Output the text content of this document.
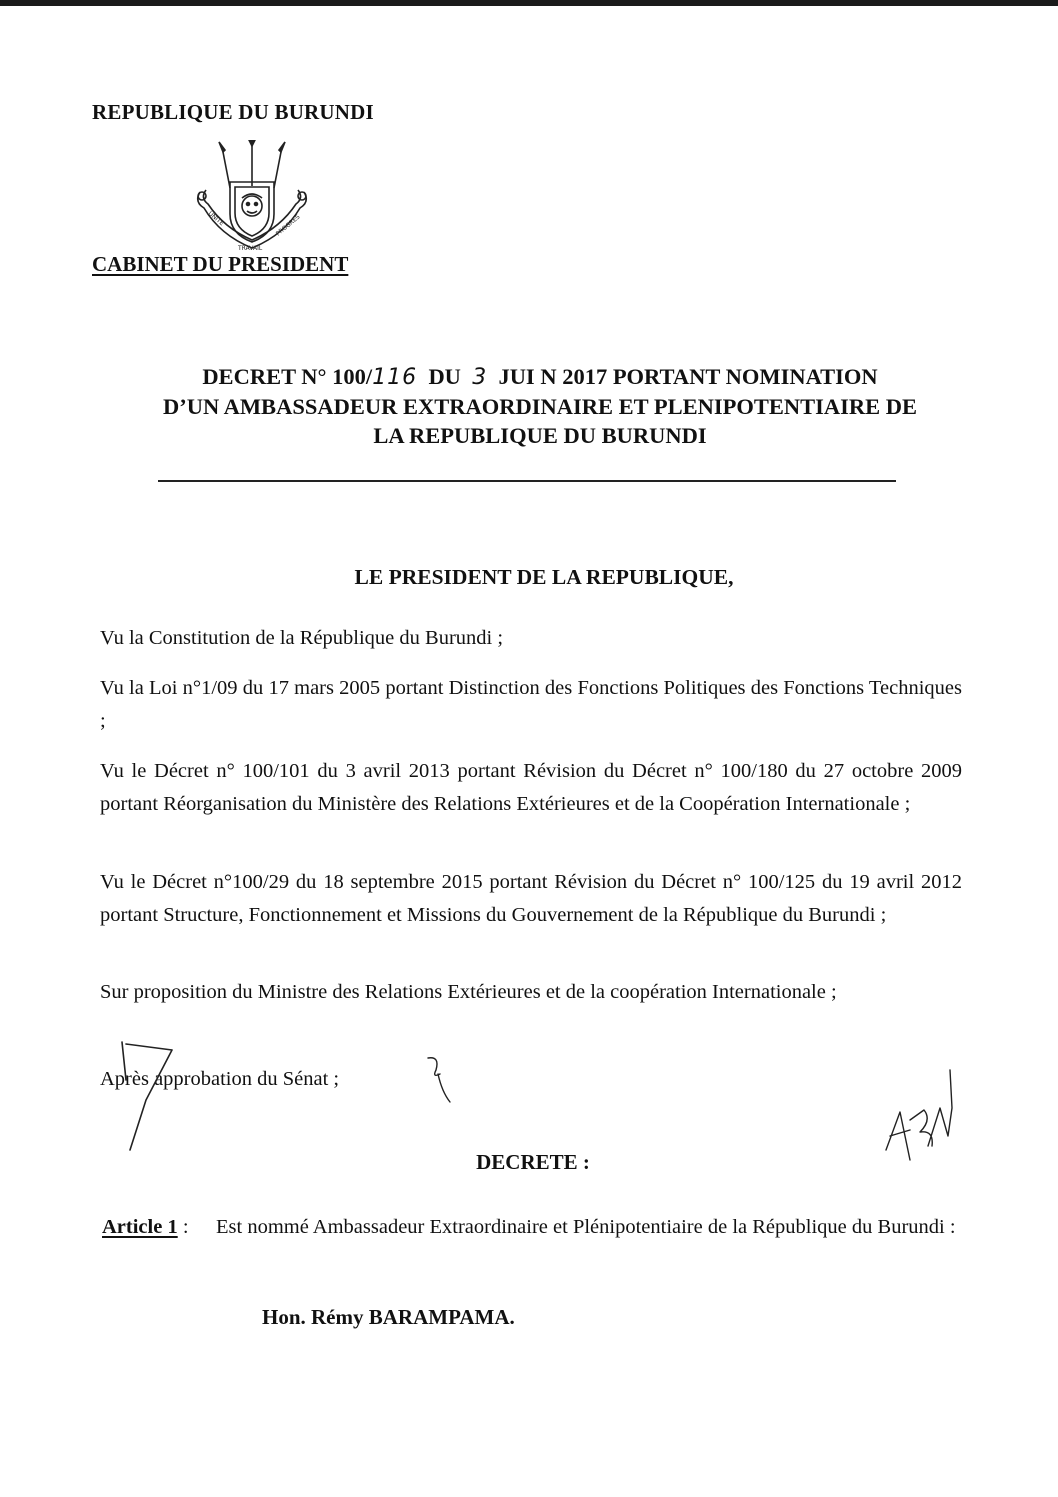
REPUBLIQUE DU BURUNDI

UNITE
TRAVAIL
PROGRES

CABINET DU PRESIDENT

DECRET N° 100/116 DU 3 JUI N 2017 PORTANT NOMINATION
D’UN AMBASSADEUR EXTRAORDINAIRE ET PLENIPOTENTIAIRE DE
LA REPUBLIQUE DU BURUNDI

LE PRESIDENT DE LA REPUBLIQUE,

Vu la Constitution de la République du Burundi ;

Vu la Loi n°1/09 du 17 mars 2005 portant Distinction des Fonctions Politiques des Fonctions Techniques ;

Vu le Décret n° 100/101 du 3 avril 2013 portant Révision du Décret n° 100/180 du 27 octobre 2009 portant Réorganisation du Ministère des Relations Extérieures et de la Coopération Internationale ;

Vu le Décret n°100/29 du 18 septembre 2015 portant Révision du Décret n° 100/125 du 19 avril 2012 portant Structure, Fonctionnement et Missions du Gouvernement de la République du Burundi ;

Sur proposition du Ministre des Relations Extérieures et de la coopération Internationale ;

Après approbation du Sénat ;

DECRETE :

Article 1 : Est nommé Ambassadeur Extraordinaire et Plénipotentiaire de la République du Burundi :

Hon. Rémy BARAMPAMA.
